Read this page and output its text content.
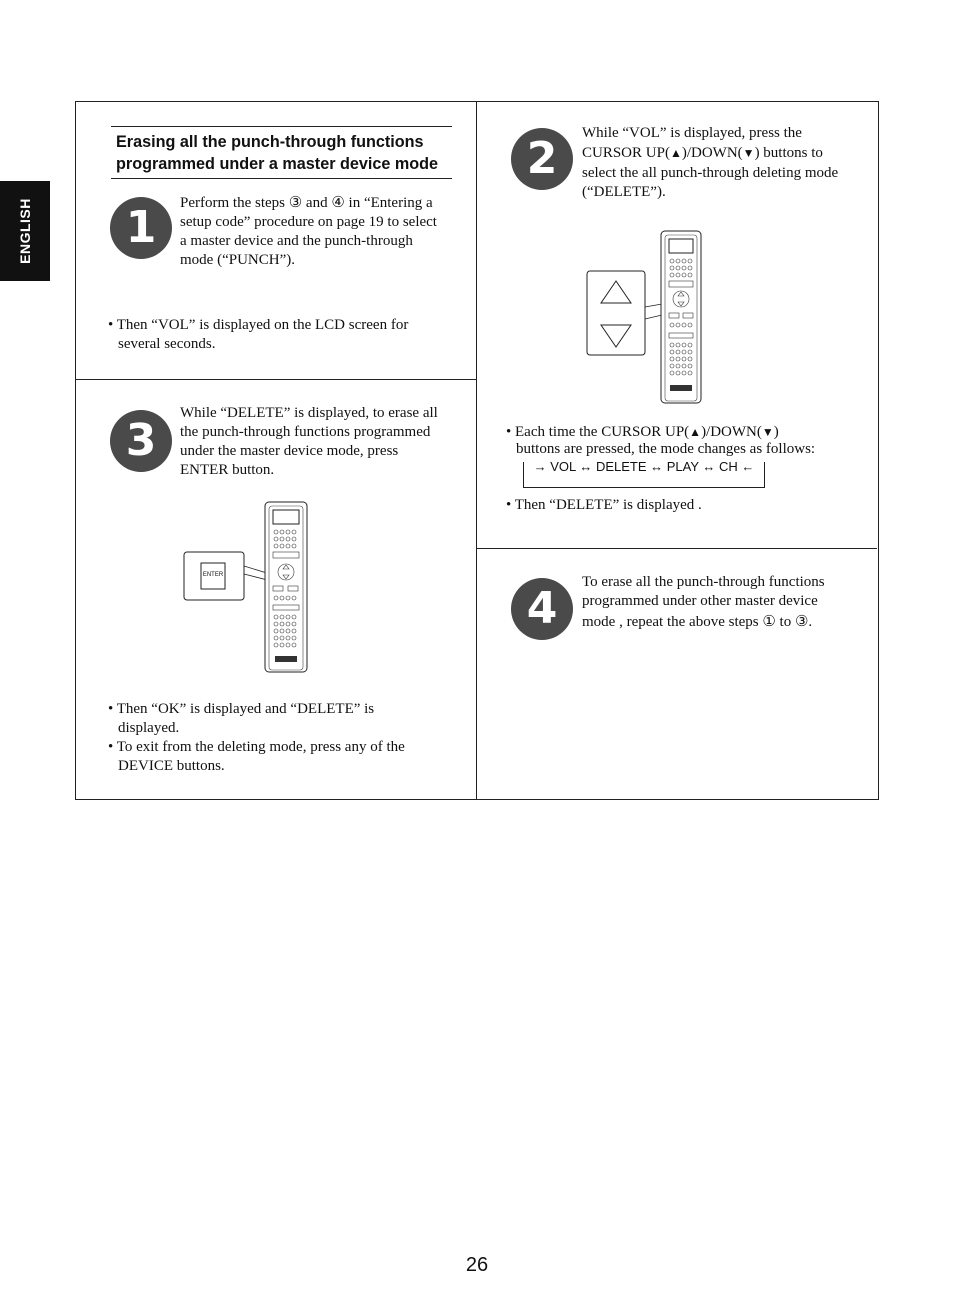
ENGLISH
Erasing all the punch-through functions
programmed under a master device mode
1	Perform the steps ③ and ④ in “Entering a
setup code” procedure on page 19 to select
a master device and the punch-through
mode (“PUNCH”).
• Then “VOL” is displayed on the LCD screen for
several seconds.
2	While “VOL” is displayed, press the
CURSOR UP(▲)/DOWN(▼) buttons to
select the all punch-through deleting mode
(“DELETE”).
• Each time the CURSOR UP(▲)/DOWN(▼)
buttons are pressed, the mode changes as follows:
→ VOL ↔ DELETE ↔ PLAY ↔ CH ←
• Then “DELETE” is displayed .
3
While “DELETE” is displayed, to erase all
the punch-through functions programmed
under the master device mode, press
ENTER button.
ENTER
• Then “OK” is displayed and “DELETE” is
displayed.
• To exit from the deleting mode, press any of the
DEVICE buttons.
4
To erase all the punch-through functions
programmed under other master device
mode , repeat the above steps ① to ③.
26
